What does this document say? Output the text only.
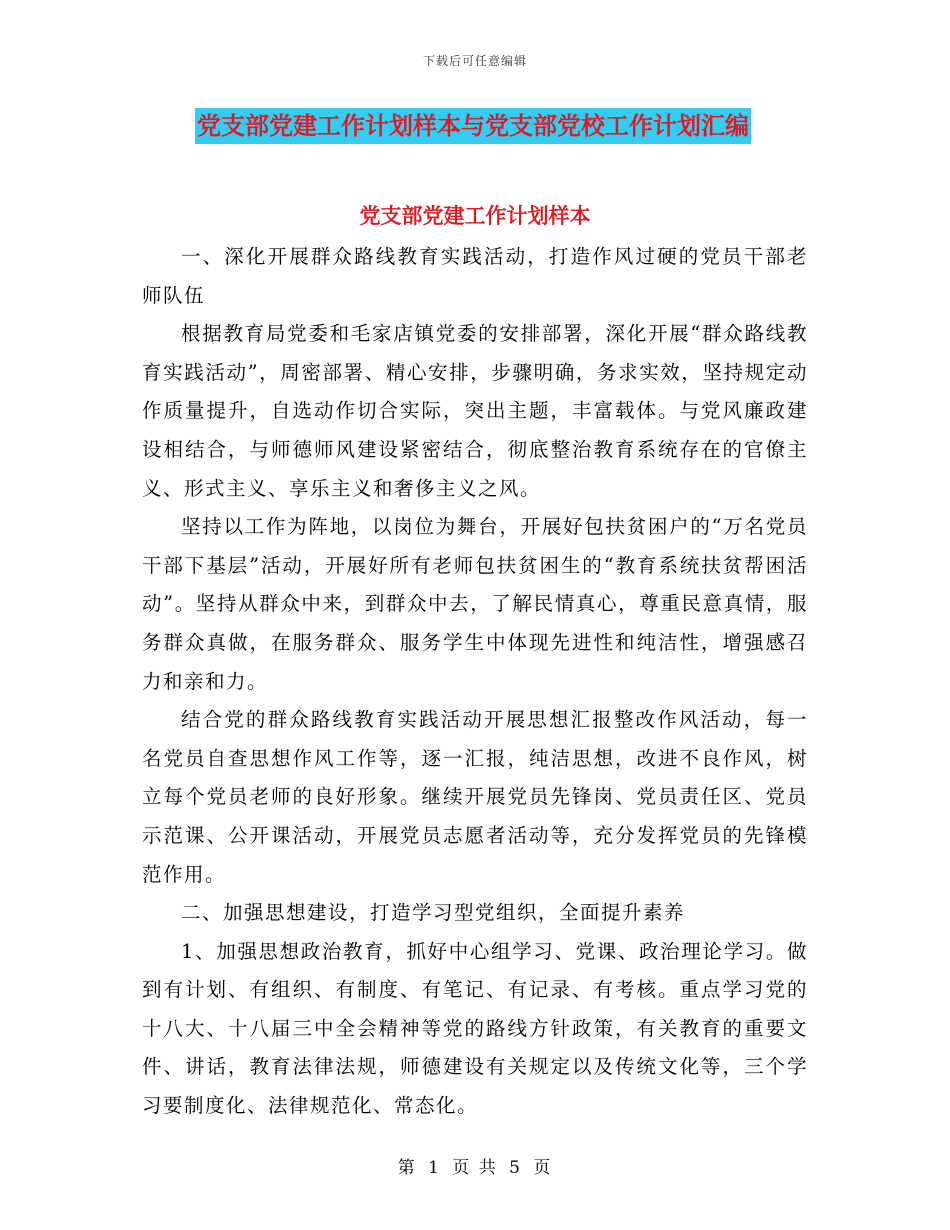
下载后可任意编辑
党支部党建工作计划样本与党支部党校工作计划汇编
党支部党建工作计划样本

一、深化开展群众路线教育实践活动，打造作风过硬的党员干部老师队伍

根据教育局党委和毛家店镇党委的安排部署，深化开展“群众路线教育实践活动”，周密部署、精心安排，步骤明确，务求实效，坚持规定动作质量提升，自选动作切合实际，突出主题，丰富载体。与党风廉政建设相结合，与师德师风建设紧密结合，彻底整治教育系统存在的官僚主义、形式主义、享乐主义和奢侈主义之风。

坚持以工作为阵地，以岗位为舞台，开展好包扶贫困户的“万名党员干部下基层”活动，开展好所有老师包扶贫困生的“教育系统扶贫帮困活动”。坚持从群众中来，到群众中去，了解民情真心，尊重民意真情，服务群众真做，在服务群众、服务学生中体现先进性和纯洁性，增强感召力和亲和力。

结合党的群众路线教育实践活动开展思想汇报整改作风活动，每一名党员自查思想作风工作等，逐一汇报，纯洁思想，改进不良作风，树立每个党员老师的良好形象。继续开展党员先锋岗、党员责任区、党员示范课、公开课活动，开展党员志愿者活动等，充分发挥党员的先锋模范作用。

二、加强思想建设，打造学习型党组织，全面提升素养

1、加强思想政治教育，抓好中心组学习、党课、政治理论学习。做到有计划、有组织、有制度、有笔记、有记录、有考核。重点学习党的十八大、十八届三中全会精神等党的路线方针政策，有关教育的重要文件、讲话，教育法律法规，师德建设有关规定以及传统文化等，三个学习要制度化、法律规范化、常态化。

第 1 页 共 5 页
